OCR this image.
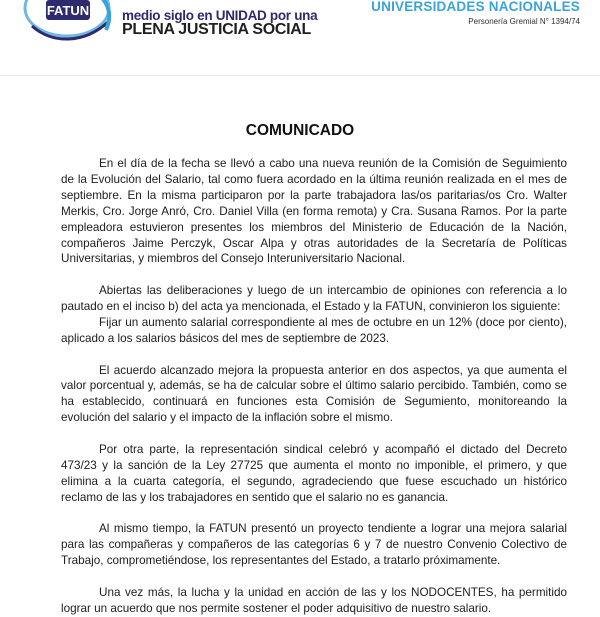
FATUN medio siglo en UNIDAD por una
PLENA JUSTICIA SOCIAL
UNIVERSIDADES NACIONALES
Personería Gremial N° 1394/74
COMUNICADO

En el día de la fecha se llevó a cabo una nueva reunión de la Comisión de Seguimiento de la Evolución del Salario, tal como fuera acordado en la última reunión realizada en el mes de septiembre. En la misma participaron por la parte trabajadora las/os paritarias/os Cro. Walter Merkis, Cro. Jorge Anró, Cro. Daniel Villa (en forma remota) y Cra. Susana Ramos. Por la parte empleadora estuvieron presentes los miembros del Ministerio de Educación de la Nación, compañeros Jaime Perczyk, Oscar Alpa y otras autoridades de la Secretaría de Políticas Universitarias, y miembros del Consejo Interuniversitario Nacional.

Abiertas las deliberaciones y luego de un intercambio de opiniones con referencia a lo pautado en el inciso b) del acta ya mencionada, el Estado y la FATUN, convinieron los siguiente:

Fijar un aumento salarial correspondiente al mes de octubre en un 12% (doce por ciento), aplicado a los salarios básicos del mes de septiembre de 2023.

El acuerdo alcanzado mejora la propuesta anterior en dos aspectos, ya que aumenta el valor porcentual y, además, se ha de calcular sobre el último salario percibido. También, como se ha establecido, continuará en funciones esta Comisión de Segumiento, monitoreando la evolución del salario y el impacto de la inflación sobre el mismo.

Por otra parte, la representación sindical celebró y acompañó el dictado del Decreto 473/23 y la sanción de la Ley 27725 que aumenta el monto no imponible, el primero, y que elimina a la cuarta categoría, el segundo, agradeciendo que fuese escuchado un histórico reclamo de las y los trabajadores en sentido que el salario no es ganancia.

Al mismo tiempo, la FATUN presentó un proyecto tendiente a lograr una mejora salarial para las compañeras y compañeros de las categorías 6 y 7 de nuestro Convenio Colectivo de Trabajo, comprometiéndose, los representantes del Estado, a tratarlo próximamente.

Una vez más, la lucha y la unidad en acción de las y los NODOCENTES, ha permitido lograr un acuerdo que nos permite sostener el poder adquisitivo de nuestro salario.
